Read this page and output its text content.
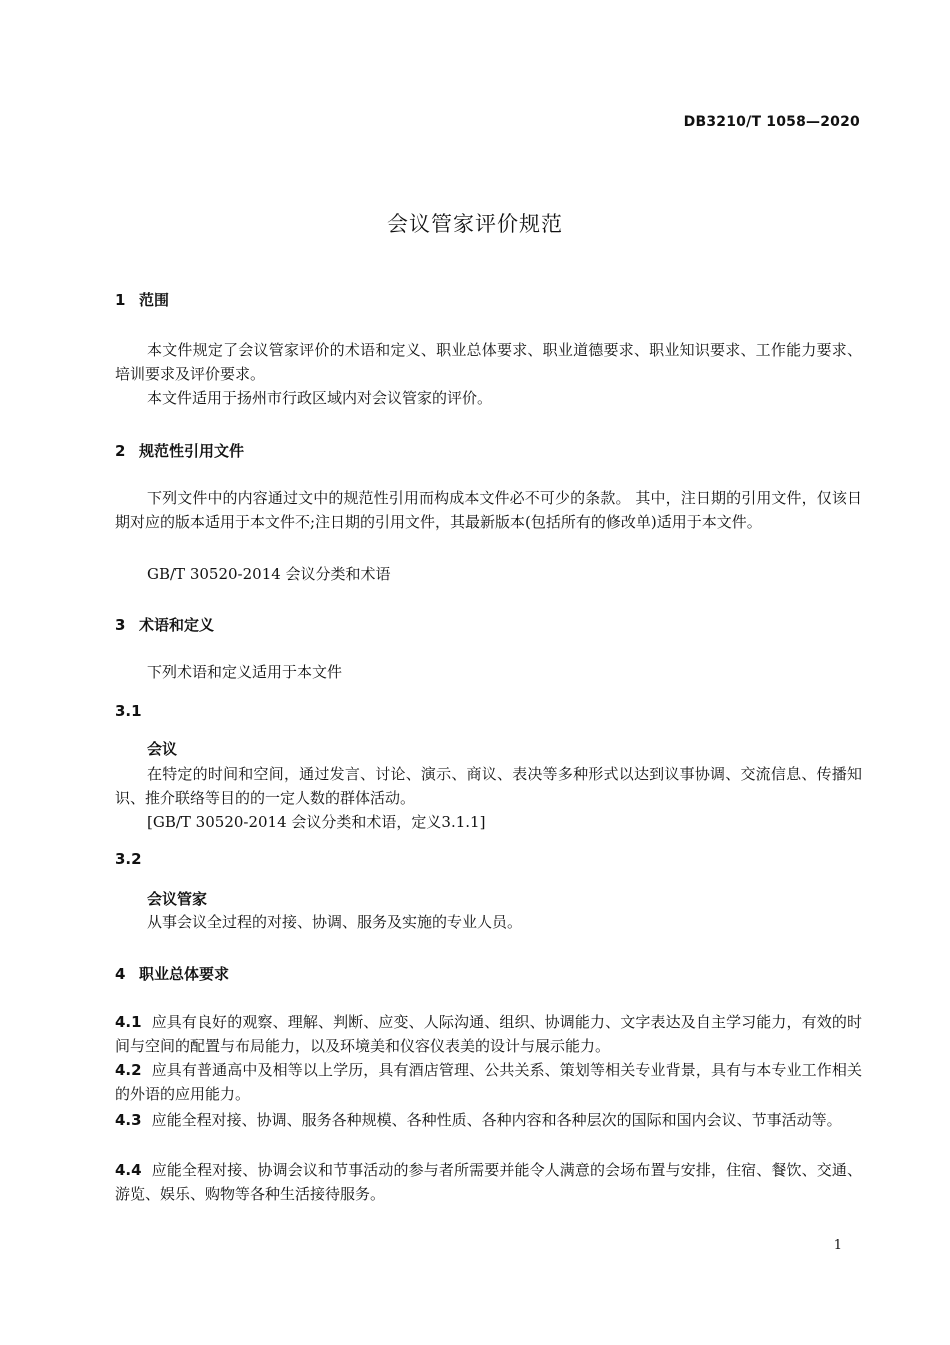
DB3210/T 1058—2020
会议管家评价规范
1 范围

本文件规定了会议管家评价的术语和定义、职业总体要求、职业道德要求、职业知识要求、工作能力要求、培训要求及评价要求。

本文件适用于扬州市行政区域内对会议管家的评价。

2 规范性引用文件

下列文件中的内容通过文中的规范性引用而构成本文件必不可少的条款。 其中，注日期的引用文件，仅该日期对应的版本适用于本文件不;注日期的引用文件，其最新版本(包括所有的修改单)适用于本文件。

GB/T 30520-2014 会议分类和术语

3 术语和定义

下列术语和定义适用于本文件

3.1
会议

在特定的时间和空间，通过发言、讨论、演示、商议、表决等多种形式以达到议事协调、交流信息、传播知识、推介联络等目的的一定人数的群体活动。

[GB/T 30520-2014 会议分类和术语，定义3.1.1]

3.2
会议管家

从事会议全过程的对接、协调、服务及实施的专业人员。

4 职业总体要求

4.1 应具有良好的观察、理解、判断、应变、人际沟通、组织、协调能力、文字表达及自主学习能力，有效的时间与空间的配置与布局能力，以及环境美和仪容仪表美的设计与展示能力。

4.2 应具有普通高中及相等以上学历，具有酒店管理、公共关系、策划等相关专业背景，具有与本专业工作相关的外语的应用能力。

4.3 应能全程对接、协调、服务各种规模、各种性质、各种内容和各种层次的国际和国内会议、节事活动等。

4.4 应能全程对接、协调会议和节事活动的参与者所需要并能令人满意的会场布置与安排，住宿、餐饮、交通、游览、娱乐、购物等各种生活接待服务。

1
